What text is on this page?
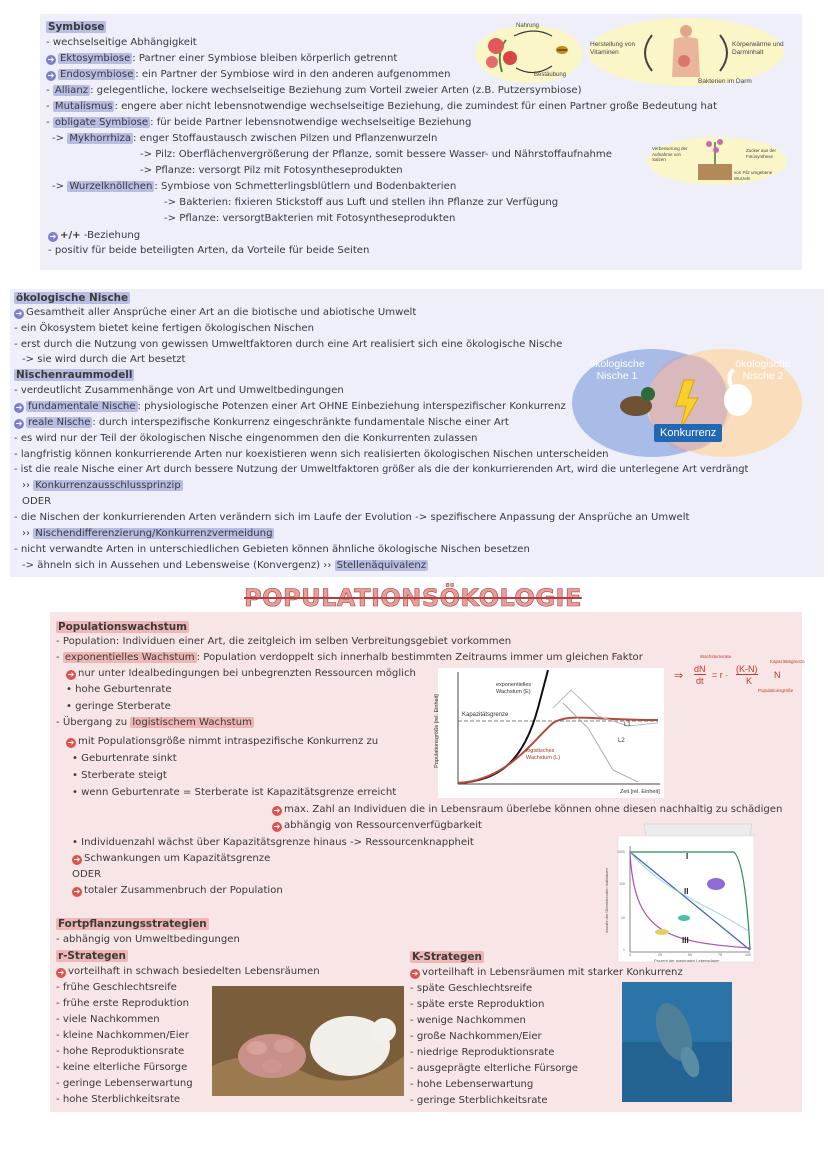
Symbiose
- wechselseitige Abhängigkeit
➔ Ektosymbiose : Partner einer Symbiose bleiben körperlich getrennt
➔ Endosymbiose : ein Partner der Symbiose wird in den anderen aufgenommen
- Allianz : gelegentliche, lockere wechselseitige Beziehung zum Vorteil zweier Arten (z.B. Putzersymbiose)
- Mutalismus : engere aber nicht lebensnotwendige wechselseitige Beziehung, die zumindest für einen Partner große Bedeutung hat
- obligate Symbiose : für beide Partner lebensnotwendige wechselseitige Beziehung
-> Mykhorrhiza : enger Stoffaustausch zwischen Pilzen und Pflanzenwurzeln
-> Pilz: Oberflächenvergrößerung der Pflanze, somit bessere Wasser- und Nährstoffaufnahme
-> Pflanze: versorgt Pilz mit Fotosyntheseprodukten
-> Wurzelknöllchen : Symbiose von Schmetterlingsblütlern und Bodenbakterien
-> Bakterien: fixieren Stickstoff aus Luft und stellen ihn Pflanze zur Verfügung
-> Pflanze: versorgtBakterien mit Fotosyntheseprodukten
➔ +/+ -Beziehung
- positiv für beide beteiligten Arten, da Vorteile für beide Seiten
Nahrung
Bestäubung
Herstellung von Vitaminen
Körperwärme und Darminhalt
Bakterien im Darm
Verbesserung der Aufnahme von Salzen
Zucker aus der Fotosynthese
von Pilz umgebene Wurzeln
ökologische Nische
➔ Gesamtheit aller Ansprüche einer Art an die biotische und abiotische Umwelt
- ein Ökosystem bietet keine fertigen ökologischen Nischen
- erst durch die Nutzung von gewissen Umweltfaktoren durch eine Art realisiert sich eine ökologische Nische
-> sie wird durch die Art besetzt
Nischenraummodell
- verdeutlicht Zusammenhänge von Art und Umweltbedingungen
➔ fundamentale Nische : physiologische Potenzen einer Art OHNE Einbeziehung interspezifischer Konkurrenz
➔ reale Nische : durch interspezifische Konkurrenz eingeschränkte fundamentale Nische einer Art
- es wird nur der Teil der ökologischen Nische eingenommen den die Konkurrenten zulassen
- langfristig können konkurrierende Arten nur koexistieren wenn sich realisierten ökologischen Nischen unterscheiden
- ist die reale Nische einer Art durch bessere Nutzung der Umweltfaktoren größer als die der konkurrierenden Art, wird die unterlegene Art verdrängt
›› Konkurrenzausschlussprinzip
ODER
- die Nischen der konkurrierenden Arten verändern sich im Laufe der Evolution -> spezifischere Anpassung der Ansprüche an Umwelt
›› Nischendifferenzierung/Konkurrenzvermeidung
- nicht verwandte Arten in unterschiedlichen Gebieten können ähnliche ökologische Nischen besetzen
-> ähneln sich in Aussehen und Lebensweise (Konvergenz) ›› Stellenäquivalenz
ökologische Nische 1
ökologische Nische 2
Konkurrenz
POPULATIONSÖKOLOGIE
Populationswachstum
- Population: Individuen einer Art, die zeitgleich im selben Verbreitungsgebiet vorkommen
- exponentielles Wachstum : Population verdoppelt sich innerhalb bestimmten Zeitraums immer um gleichen Faktor
➔ nur unter Idealbedingungen bei unbegrenzten Ressourcen möglich
• hohe Geburtenrate
• geringe Sterberate
- Übergang zu logistischem Wachstum
➔ mit Populationsgröße nimmt intraspezifische Konkurrenz zu
• Geburtenrate sinkt
• Sterberate steigt
• wenn Geburtenrate = Sterberate ist Kapazitätsgrenze erreicht
➔ max. Zahl an Individuen die in Lebensraum überlebe können ohne diesen nachhaltig zu schädigen
➔ abhängig von Ressourcenverfügbarkeit
• Individuenzahl wächst über Kapazitätsgrenze hinaus -> Ressourcenknappheit
➔ Schwankungen um Kapazitätsgrenze
ODER
➔ totaler Zusammenbruch der Population
⇒
dN
dt
= r ·
(K-N)
K
N
Wachstumsrate
Kapazitätsgrenze
Populationsgröße
Populationsgröße [rel. Einheit]
Zeit [rel. Einheit]
Kapazitätsgrenze
exponentielles Wachstum (E)
logistisches Wachstum (L)
L1
L2
I
II
III
1000
100
10
1
0	25	50	75	100
Anzahl der Überlebenden Individuen
Prozent der maximalen Lebensdauer
Fortpflanzungsstrategien
- abhängig von Umweltbedingungen
r-Strategen
➔ vorteilhaft in schwach besiedelten Lebensräumen
- frühe Geschlechtsreife
- frühe erste Reproduktion
- viele Nachkommen
- kleine Nachkommen/Eier
- hohe Reproduktionsrate
- keine elterliche Fürsorge
- geringe Lebenserwartung
- hohe Sterblichkeitsrate
K-Strategen
➔ vorteilhaft in Lebensräumen mit starker Konkurrenz
- späte Geschlechtsreife
- späte erste Reproduktion
- wenige Nachkommen
- große Nachkommen/Eier
- niedrige Reproduktionsrate
- ausgeprägte elterliche Fürsorge
- hohe Lebenserwartung
- geringe Sterblichkeitsrate
